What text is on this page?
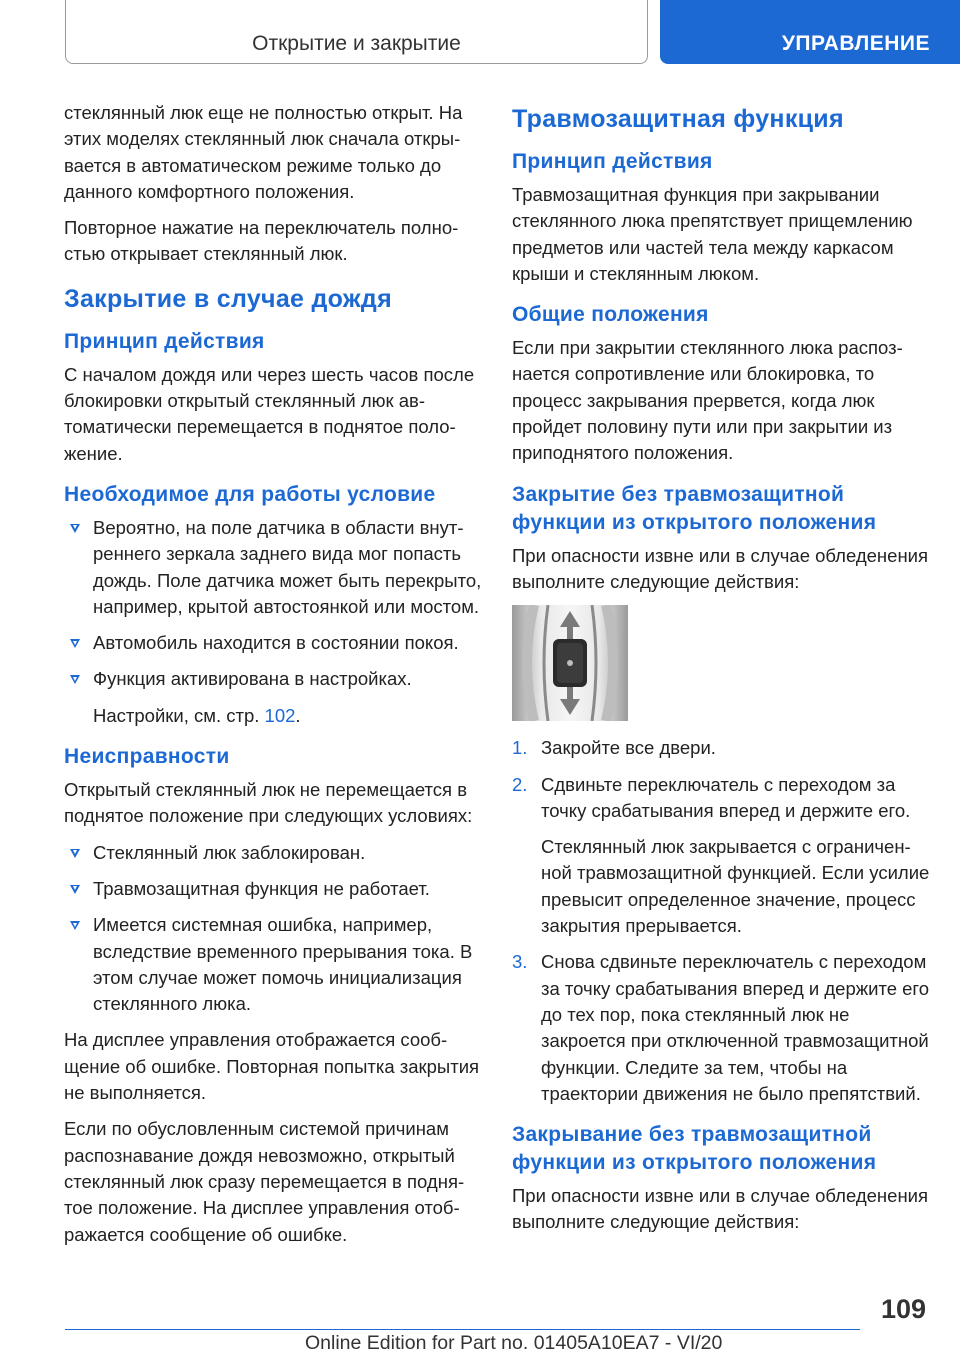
Открытие и закрытие	УПРАВЛЕНИЕ

стеклянный люк еще не полностью открыт. На этих моделях стеклянный люк сначала открывается в автоматическом режиме только до данного комфортного положения.

Повторное нажатие на переключатель полностью открывает стеклянный люк.

Закрытие в случае дождя
Принцип действия

С началом дождя или через шесть часов после блокировки открытый стеклянный люк автоматически перемещается в поднятое положение.

Необходимое для работы условие
Вероятно, на поле датчика в области внутреннего зеркала заднего вида мог попасть дождь. Поле датчика может быть перекрыто, например, крытой автостоянкой или мостом.
Автомобиль находится в состоянии покоя.
Функция активирована в настройках.

Настройки, см. стр. 102.

Неисправности

Открытый стеклянный люк не перемещается в поднятое положение при следующих условиях:

Стеклянный люк заблокирован.
Травмозащитная функция не работает.
Имеется системная ошибка, например, вследствие временного прерывания тока. В этом случае может помочь инициализация стеклянного люка.

На дисплее управления отображается сообщение об ошибке. Повторная попытка закрытия не выполняется.

Если по обусловленным системой причинам распознавание дождя невозможно, открытый стеклянный люк сразу перемещается в поднятое положение. На дисплее управления отображается сообщение об ошибке.

Травмозащитная функция
Принцип действия

Травмозащитная функция при закрывании стеклянного люка препятствует прищемлению предметов или частей тела между каркасом крыши и стеклянным люком.

Общие положения

Если при закрытии стеклянного люка распознается сопротивление или блокировка, то процесс закрывания прервется, когда люк пройдет половину пути или при закрытии из приподнятого положения.

Закрытие без травмозащитной функции из открытого положения

При опасности извне или в случае обледенения выполните следующие действия:

1. Закройте все двери.
2. Сдвиньте переключатель с переходом за точку срабатывания вперед и держите его.

Стеклянный люк закрывается с ограниченной травмозащитной функцией. Если усилие превысит определенное значение, процесс закрытия прерывается.

3. Снова сдвиньте переключатель с переходом за точку срабатывания вперед и держите его до тех пор, пока стеклянный люк не закроется при отключенной травмозащитной функции. Следите за тем, чтобы на траектории движения не было препятствий.
Закрывание без травмозащитной функции из открытого положения

При опасности извне или в случае обледенения выполните следующие действия:

109
Online Edition for Part no. 01405A10EA7 - VI/20
